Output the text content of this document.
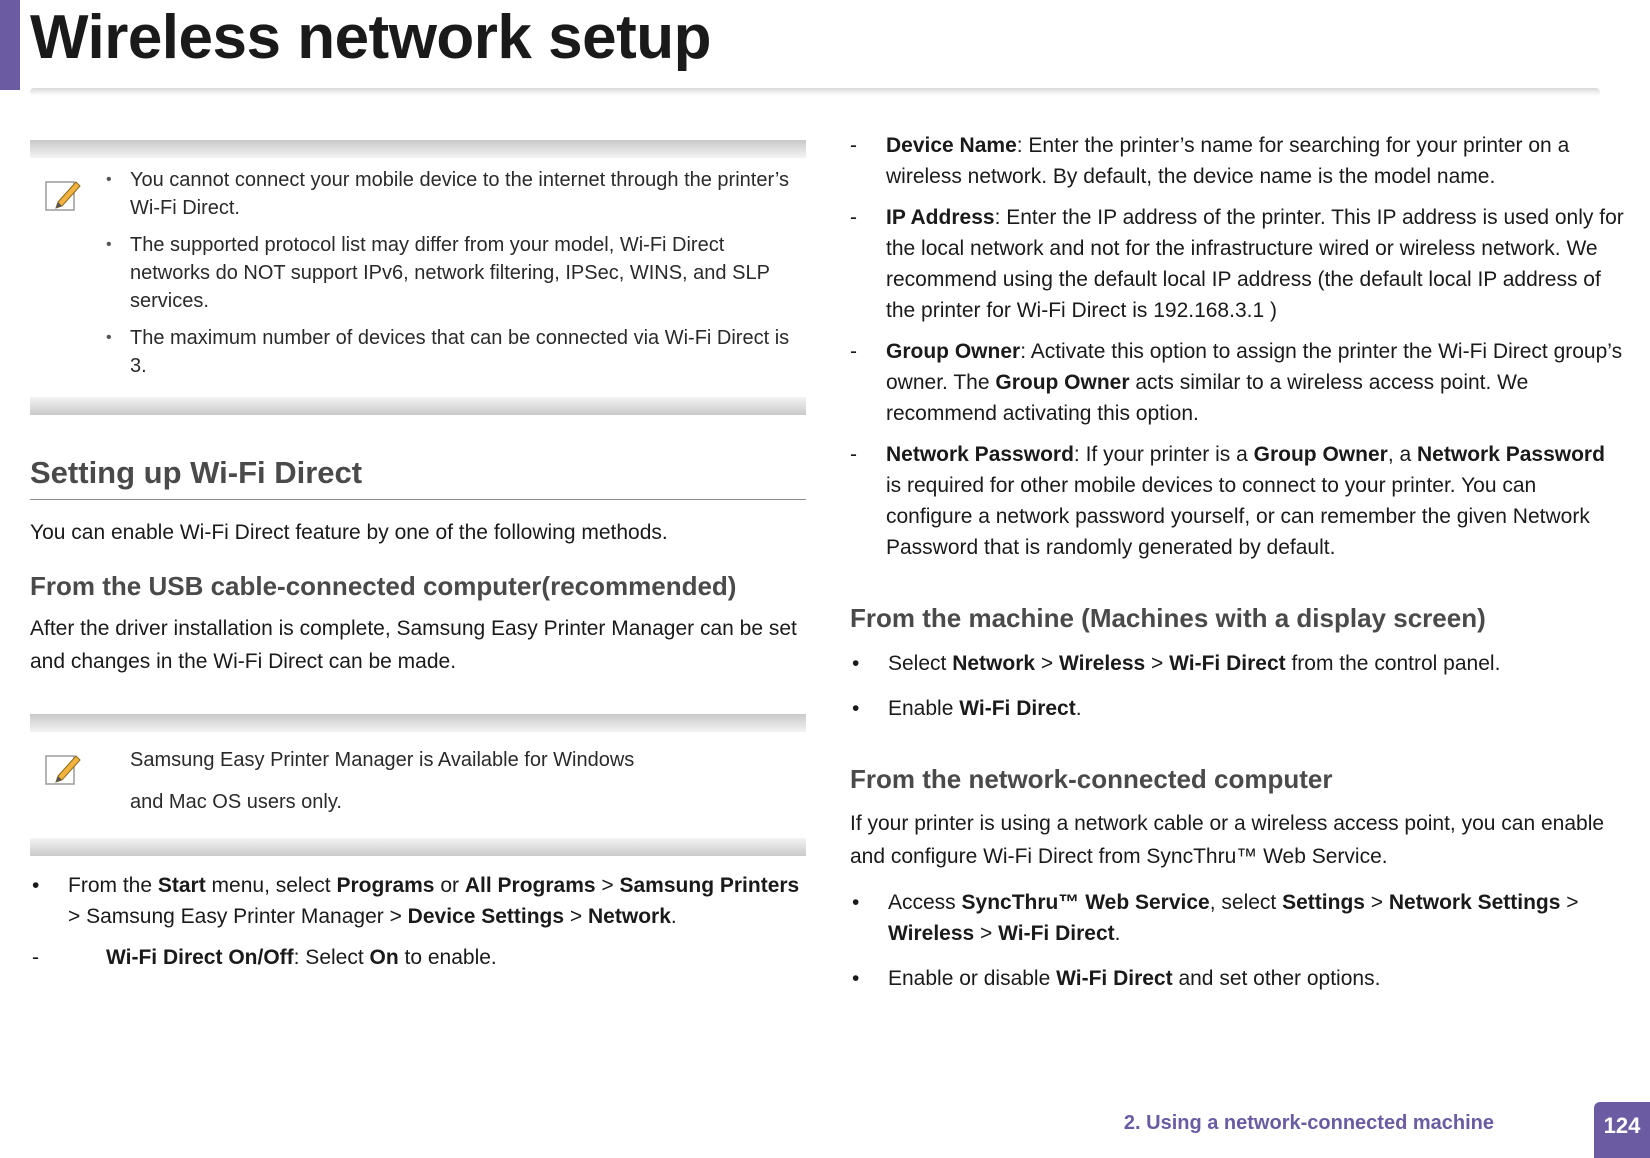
Wireless network setup
• You cannot connect your mobile device to the internet through the printer’s Wi-Fi Direct.
• The supported protocol list may differ from your model, Wi-Fi Direct networks do NOT support IPv6, network filtering, IPSec, WINS, and SLP services.
• The maximum number of devices that can be connected via Wi-Fi Direct is 3.
Setting up Wi-Fi Direct

You can enable Wi-Fi Direct feature by one of the following methods.

From the USB cable-connected computer(recommended)

After the driver installation is complete, Samsung Easy Printer Manager can be set and changes in the Wi-Fi Direct can be made.

Samsung Easy Printer Manager is Available for Windows

and Mac OS users only.

• From the Start menu, select Programs or All Programs > Samsung Printers > Samsung Easy Printer Manager > Device Settings > Network.
- Wi-Fi Direct On/Off: Select On to enable.
- Device Name: Enter the printer’s name for searching for your printer on a wireless network. By default, the device name is the model name.
- IP Address: Enter the IP address of the printer. This IP address is used only for the local network and not for the infrastructure wired or wireless network. We recommend using the default local IP address (the default local IP address of the printer for Wi-Fi Direct is 192.168.3.1 )
- Group Owner: Activate this option to assign the printer the Wi-Fi Direct group’s owner. The Group Owner acts similar to a wireless access point. We recommend activating this option.
- Network Password: If your printer is a Group Owner, a Network Password is required for other mobile devices to connect to your printer. You can configure a network password yourself, or can remember the given Network Password that is randomly generated by default.
From the machine (Machines with a display screen)
• Select Network > Wireless > Wi-Fi Direct from the control panel.
• Enable Wi-Fi Direct.
From the network-connected computer

If your printer is using a network cable or a wireless access point, you can enable and configure Wi-Fi Direct from SyncThru™ Web Service.

• Access SyncThru™ Web Service, select Settings > Network Settings > Wireless > Wi-Fi Direct.
• Enable or disable Wi-Fi Direct and set other options.
2. Using a network-connected machine	124
